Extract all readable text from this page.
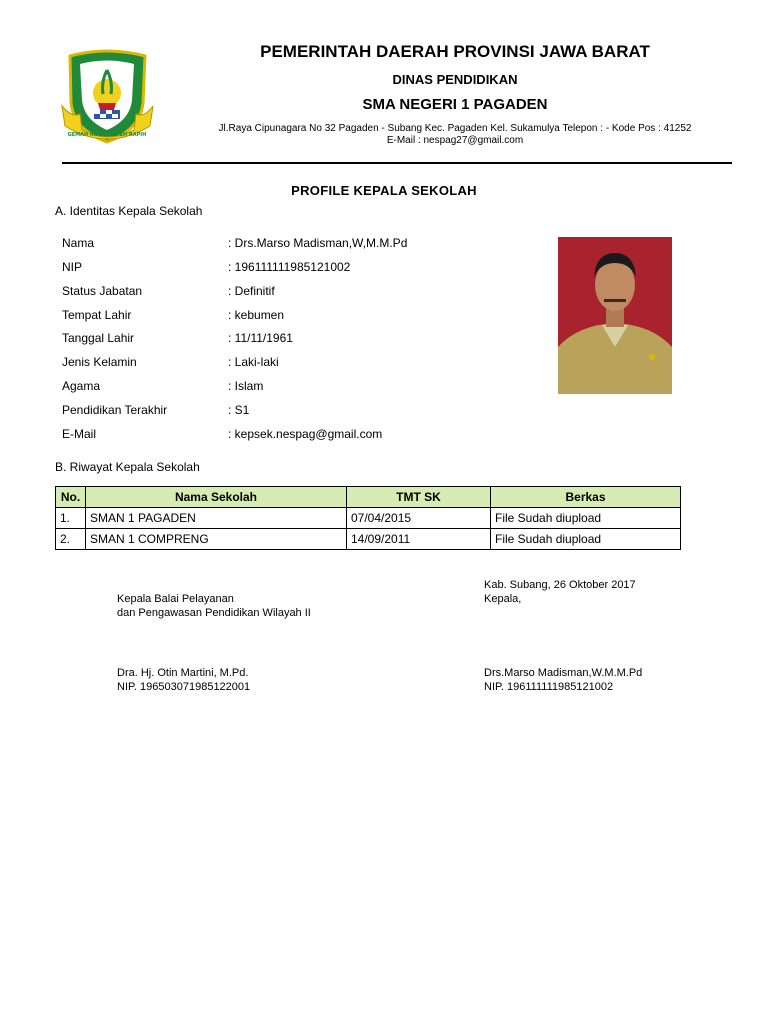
GEMAH RIPAH REPEH RAPIH
PEMERINTAH DAERAH PROVINSI JAWA BARAT
DINAS PENDIDIKAN
SMA NEGERI 1 PAGADEN
Jl.Raya Cipunagara No 32 Pagaden - Subang Kec. Pagaden Kel. Sukamulya Telepon : - Kode Pos : 41252
E-Mail : nespag27@gmail.com
PROFILE KEPALA SEKOLAH
A. Identitas Kepala Sekolah
Nama	: Drs.Marso Madisman,W,M.M.Pd
NIP	: 196111111985121002
Status Jabatan	: Definitif
Tempat Lahir	: kebumen
Tanggal Lahir	: 11/11/1961
Jenis Kelamin	: Laki-laki
Agama	: Islam
Pendidikan Terakhir	: S1
E-Mail	: kepsek.nespag@gmail.com
B. Riwayat Kepala Sekolah
No.	Nama Sekolah	TMT SK	Berkas
1.	SMAN 1 PAGADEN	07/04/2015	File Sudah diupload
2.	SMAN 1 COMPRENG	14/09/2011	File Sudah diupload
Kepala Balai Pelayanan
dan Pengawasan Pendidikan Wilayah II
Dra. Hj. Otin Martini, M.Pd.
NIP. 196503071985122001
Kab. Subang, 26 Oktober 2017
Kepala,
Drs.Marso Madisman,W.M.M.Pd
NIP. 196111111985121002
